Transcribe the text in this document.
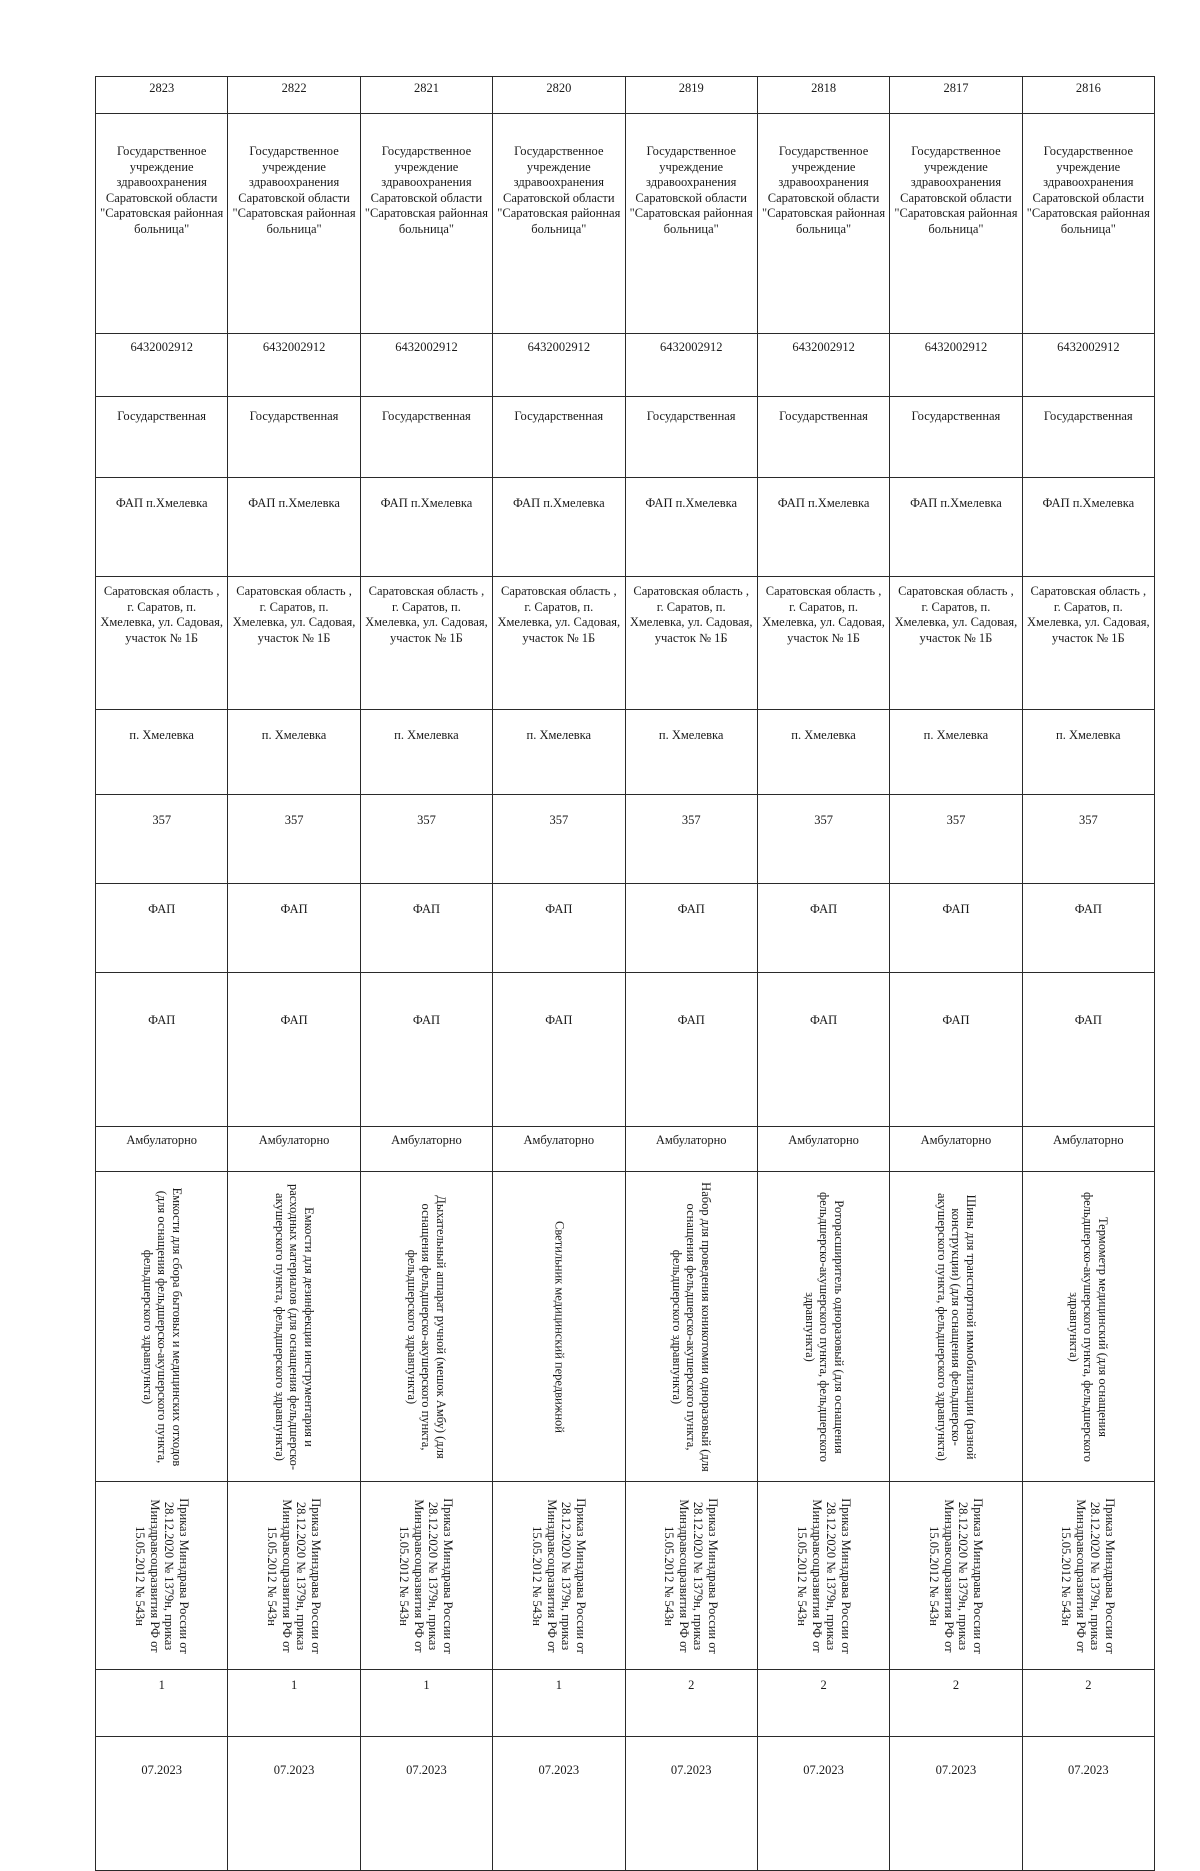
2823	2822	2821	2820	2819	2818	2817	2816
Государственное учреждение здравоохранения Саратовской области "Саратовская районная больница"	Государственное учреждение здравоохранения Саратовской области "Саратовская районная больница"	Государственное учреждение здравоохранения Саратовской области "Саратовская районная больница"	Государственное учреждение здравоохранения Саратовской области "Саратовская районная больница"	Государственное учреждение здравоохранения Саратовской области "Саратовская районная больница"	Государственное учреждение здравоохранения Саратовской области "Саратовская районная больница"	Государственное учреждение здравоохранения Саратовской области "Саратовская районная больница"	Государственное учреждение здравоохранения Саратовской области "Саратовская районная больница"
6432002912	6432002912	6432002912	6432002912	6432002912	6432002912	6432002912	6432002912
Государственная	Государственная	Государственная	Государственная	Государственная	Государственная	Государственная	Государственная
ФАП п.Хмелевка	ФАП п.Хмелевка	ФАП п.Хмелевка	ФАП п.Хмелевка	ФАП п.Хмелевка	ФАП п.Хмелевка	ФАП п.Хмелевка	ФАП п.Хмелевка
Саратовская область , г. Саратов, п. Хмелевка, ул. Садовая, участок № 1Б	Саратовская область , г. Саратов, п. Хмелевка, ул. Садовая, участок № 1Б	Саратовская область , г. Саратов, п. Хмелевка, ул. Садовая, участок № 1Б	Саратовская область , г. Саратов, п. Хмелевка, ул. Садовая, участок № 1Б	Саратовская область , г. Саратов, п. Хмелевка, ул. Садовая, участок № 1Б	Саратовская область , г. Саратов, п. Хмелевка, ул. Садовая, участок № 1Б	Саратовская область , г. Саратов, п. Хмелевка, ул. Садовая, участок № 1Б	Саратовская область , г. Саратов, п. Хмелевка, ул. Садовая, участок № 1Б
п. Хмелевка	п. Хмелевка	п. Хмелевка	п. Хмелевка	п. Хмелевка	п. Хмелевка	п. Хмелевка	п. Хмелевка
357	357	357	357	357	357	357	357
ФАП	ФАП	ФАП	ФАП	ФАП	ФАП	ФАП	ФАП
ФАП	ФАП	ФАП	ФАП	ФАП	ФАП	ФАП	ФАП
Амбулаторно	Амбулаторно	Амбулаторно	Амбулаторно	Амбулаторно	Амбулаторно	Амбулаторно	Амбулаторно

Емкости для сбора бытовых и медицинских отходов (для оснащения фельдшерско-акушерского пункта, фельдшерского здравпункта)	Емкости для дезинфекции инструментария и расходных материалов (для оснащения фельдшерско-акушерского пункта, фельдшерского здравпункта)	Дыхательный аппарат ручной (мешок Амбу) (для оснащения фельдшерско-акушерского пункта, фельдшерского здравпункта)	Светильник медицинский передвижной	Набор для проведения коникотомии одноразовый (для оснащения фельдшерско-акушерского пункта, фельдшерского здравпункта)	Роторасширитель одноразовый (для оснащения фельдшерско-акушерского пункта, фельдшерского здравпункта)	Шины для транспортной иммобилизации (разной конструкции) (для оснащения фельдшерско-акушерского пункта, фельдшерского здравпункта)	Термометр медицинский (для оснащения фельдшерско-акушерского пункта, фельдшерского здравпункта)

Приказ Минздрава России от 28.12.2020 № 1379н, приказ Минздравсоцразвития РФ от 15.05.2012 № 543н	Приказ Минздрава России от 28.12.2020 № 1379н, приказ Минздравсоцразвития РФ от 15.05.2012 № 543н	Приказ Минздрава России от 28.12.2020 № 1379н, приказ Минздравсоцразвития РФ от 15.05.2012 № 543н	Приказ Минздрава России от 28.12.2020 № 1379н, приказ Минздравсоцразвития РФ от 15.05.2012 № 543н	Приказ Минздрава России от 28.12.2020 № 1379н, приказ Минздравсоцразвития РФ от 15.05.2012 № 543н	Приказ Минздрава России от 28.12.2020 № 1379н, приказ Минздравсоцразвития РФ от 15.05.2012 № 543н	Приказ Минздрава России от 28.12.2020 № 1379н, приказ Минздравсоцразвития РФ от 15.05.2012 № 543н	Приказ Минздрава России от 28.12.2020 № 1379н, приказ Минздравсоцразвития РФ от 15.05.2012 № 543н

1	1	1	1	2	2	2	2
07.2023	07.2023	07.2023	07.2023	07.2023	07.2023	07.2023	07.2023
